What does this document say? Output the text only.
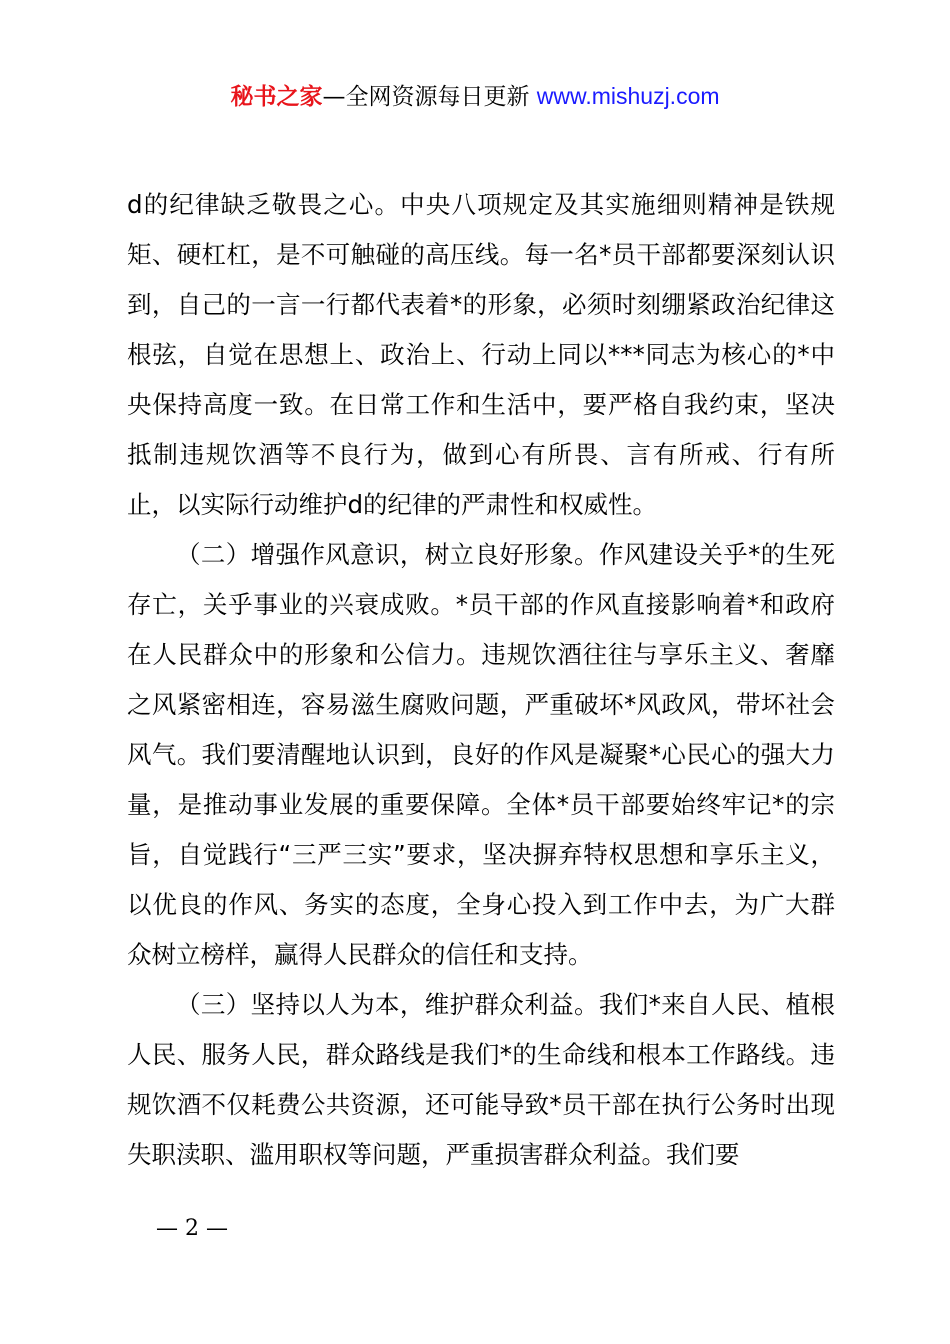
秘书之家—全网资源每日更新 www.mishuzj.com

d的纪律缺乏敬畏之心。中央八项规定及其实施细则精神是铁规矩、硬杠杠，是不可触碰的高压线。每一名*员干部都要深刻认识到，自己的一言一行都代表着*的形象，必须时刻绷紧政治纪律这根弦，自觉在思想上、政治上、行动上同以***同志为核心的*中央保持高度一致。在日常工作和生活中，要严格自我约束，坚决抵制违规饮酒等不良行为，做到心有所畏、言有所戒、行有所止，以实际行动维护d的纪律的严肃性和权威性。

（二）增强作风意识，树立良好形象。作风建设关乎*的生死存亡，关乎事业的兴衰成败。*员干部的作风直接影响着*和政府在人民群众中的形象和公信力。违规饮酒往往与享乐主义、奢靡之风紧密相连，容易滋生腐败问题，严重破坏*风政风，带坏社会风气。我们要清醒地认识到，良好的作风是凝聚*心民心的强大力量，是推动事业发展的重要保障。全体*员干部要始终牢记*的宗旨，自觉践行“三严三实”要求，坚决摒弃特权思想和享乐主义，以优良的作风、务实的态度，全身心投入到工作中去，为广大群众树立榜样，赢得人民群众的信任和支持。

（三）坚持以人为本，维护群众利益。我们*来自人民、植根人民、服务人民，群众路线是我们*的生命线和根本工作路线。违规饮酒不仅耗费公共资源，还可能导致*员干部在执行公务时出现失职渎职、滥用职权等问题，严重损害群众利益。我们要

— 2 —
